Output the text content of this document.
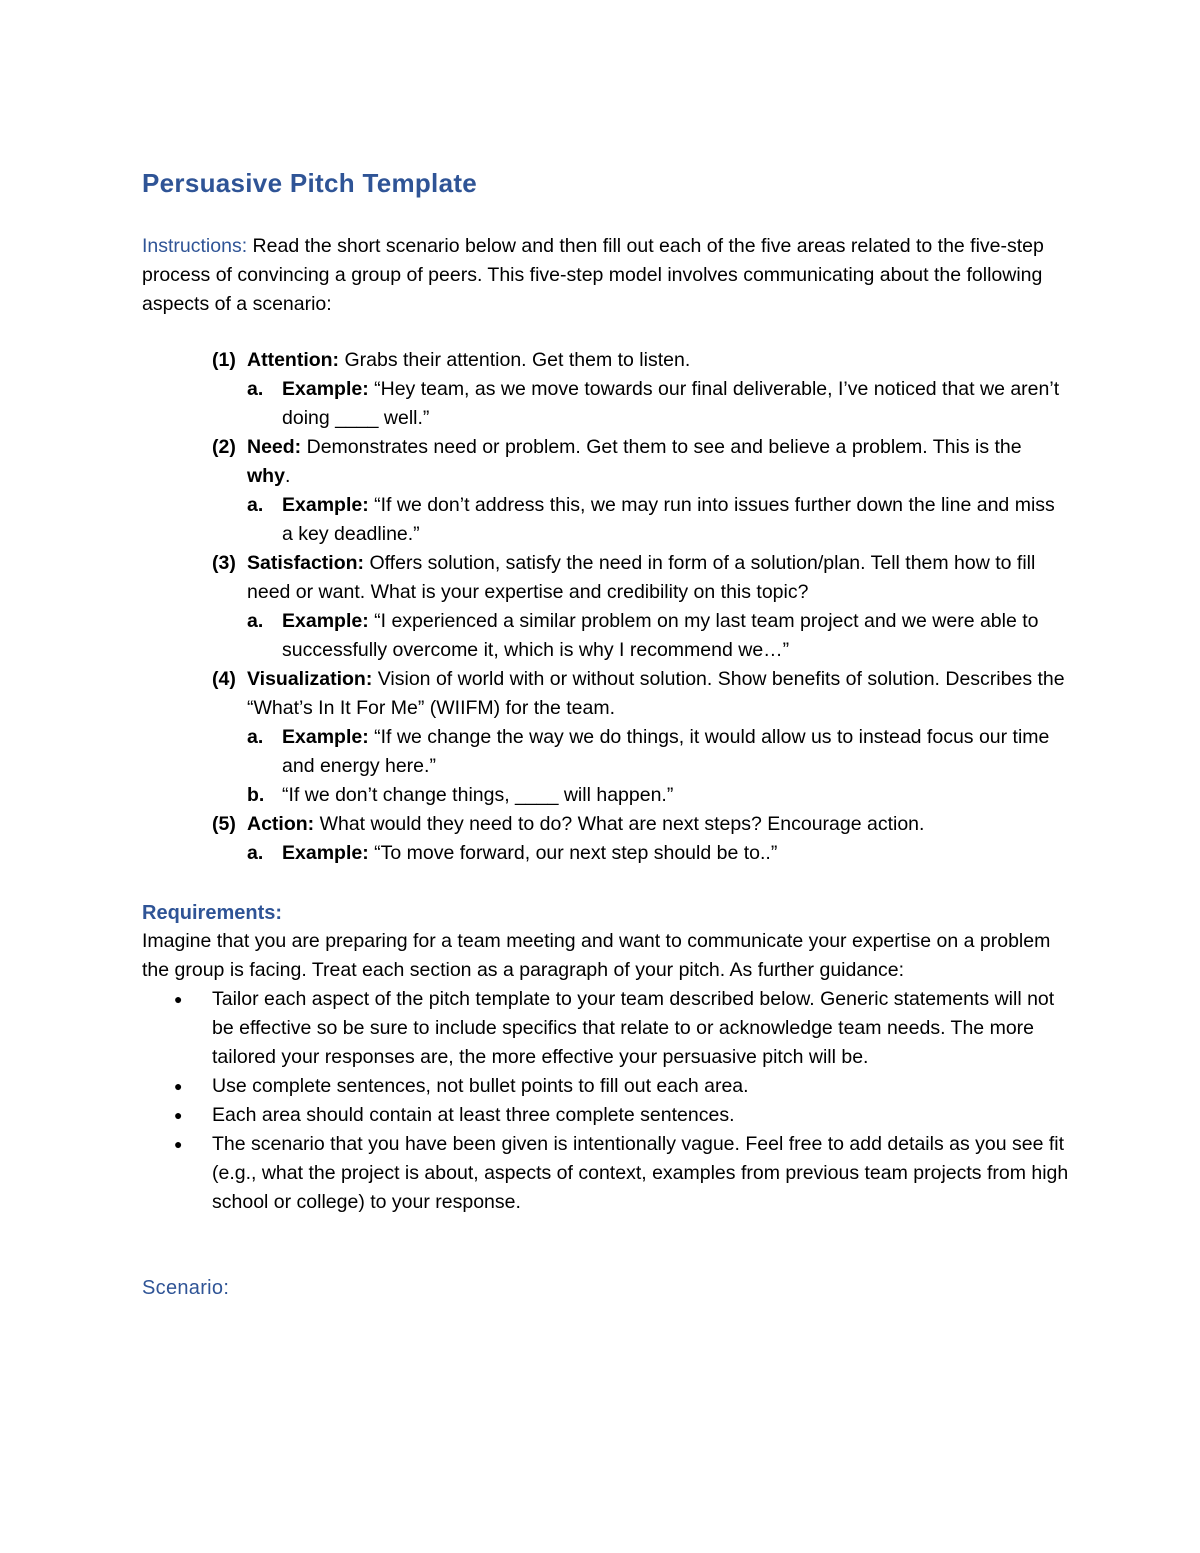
Persuasive Pitch Template

Instructions: Read the short scenario below and then fill out each of the five areas related to the five-step process of convincing a group of peers. This five-step model involves communicating about the following aspects of a scenario:

(1) Attention: Grabs their attention. Get them to listen.
a. Example: “Hey team, as we move towards our final deliverable, I’ve noticed that we aren’t doing ____ well.”
(2) Need: Demonstrates need or problem. Get them to see and believe a problem. This is the why.
a. Example: “If we don’t address this, we may run into issues further down the line and miss a key deadline.”
(3) Satisfaction: Offers solution, satisfy the need in form of a solution/plan. Tell them how to fill need or want. What is your expertise and credibility on this topic?
a. Example: “I experienced a similar problem on my last team project and we were able to successfully overcome it, which is why I recommend we…”
(4) Visualization: Vision of world with or without solution. Show benefits of solution. Describes the “What’s In It For Me” (WIIFM) for the team.
a. Example: “If we change the way we do things, it would allow us to instead focus our time and energy here.”
b. “If we don’t change things, ____ will happen.”
(5) Action: What would they need to do? What are next steps? Encourage action.
a. Example: “To move forward, our next step should be to..”
Requirements:

Imagine that you are preparing for a team meeting and want to communicate your expertise on a problem the group is facing. Treat each section as a paragraph of your pitch. As further guidance:

●	Tailor each aspect of the pitch template to your team described below. Generic statements will not be effective so be sure to include specifics that relate to or acknowledge team needs. The more tailored your responses are, the more effective your persuasive pitch will be.
●	Use complete sentences, not bullet points to fill out each area.
●	Each area should contain at least three complete sentences.
●	The scenario that you have been given is intentionally vague. Feel free to add details as you see fit (e.g., what the project is about, aspects of context, examples from previous team projects from high school or college) to your response.
Scenario:
